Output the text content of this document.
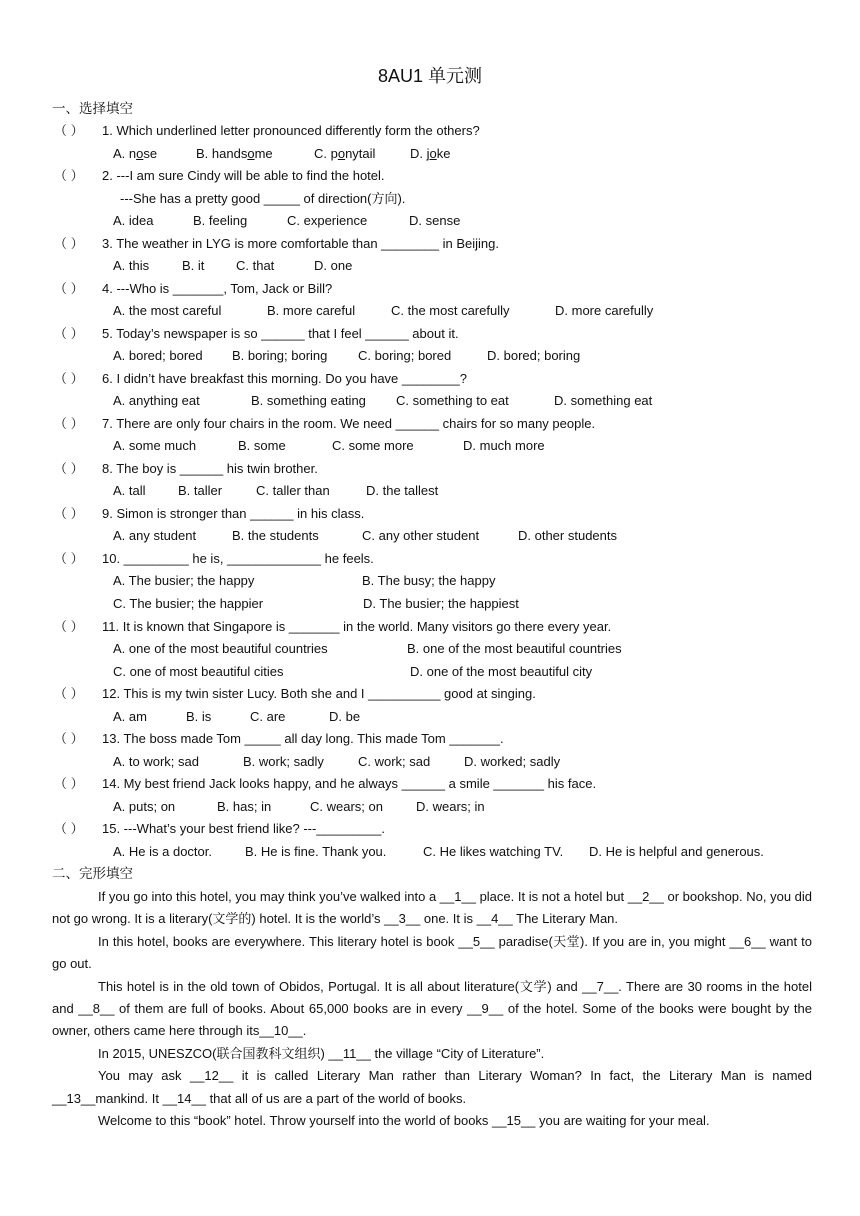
8AU1 单元测
一、选择填空
（ ） 1. Which underlined letter pronounced differently form the others?
A. nose	B. handsome	C. ponytail	D. joke
（ ） 2. ---I am sure Cindy will be able to find the hotel.
---She has a pretty good _____ of direction(方向).
A. idea	B. feeling	C. experience	D. sense
（ ） 3. The weather in LYG is more comfortable than ________ in Beijing.
A. this	B. it C. that	D. one
（ ） 4. ---Who is _______, Tom, Jack or Bill?
A. the most careful	B. more careful	C. the most carefully	D. more carefully
（ ） 5. Today’s newspaper is so ______ that I feel ______ about it.
A. bored; bored B. boring; boring C. boring; bored	D. bored; boring
（ ） 6. I didn’t have breakfast this morning. Do you have ________?
A. anything eat	B. something eating C. something to eat	D. something eat
（ ） 7. There are only four chairs in the room. We need ______ chairs for so many people.
A. some much	B. some	C. some more	D. much more
（ ） 8. The boy is ______ his twin brother.
A. tall B. taller	C. taller than	D. the tallest
（ ） 9. Simon is stronger than ______ in his class.
A. any student	B. the students	C. any other student	D. other students
（ ） 10. _________ he is, _____________ he feels.
A. The busier; the happy	B. The busy; the happy
C. The busier; the happier	D. The busier; the happiest
（ ） 11. It is known that Singapore is _______ in the world. Many visitors go there every year.
A. one of the most beautiful countries	B. one of the most beautiful countries
C. one of most beautiful cities	D. one of the most beautiful city
（ ） 12. This is my twin sister Lucy. Both she and I __________ good at singing.
A. am	B. is	C. are	D. be
（ ） 13. The boss made Tom _____ all day long. This made Tom _______.
A. to work; sad	B. work; sadly	C. work; sad	D. worked; sadly
（ ） 14. My best friend Jack looks happy, and he always ______ a smile _______ his face.
A. puts; on	B. has; in	C. wears; on	D. wears; in
（ ） 15. ---What’s your best friend like? ---_________.
A. He is a doctor.	B. He is fine. Thank you.	C. He likes watching TV. D. He is helpful and generous.
二、完形填空

If you go into this hotel, you may think you’ve walked into a __1__ place. It is not a hotel but __2__ or bookshop. No, you did not go wrong. It is a literary(文学的) hotel. It is the world’s __3__ one. It is __4__ The Literary Man.

In this hotel, books are everywhere. This literary hotel is book __5__ paradise(天堂). If you are in, you might __6__ want to go out.

This hotel is in the old town of Obidos, Portugal. It is all about literature(文学) and __7__. There are 30 rooms in the hotel and __8__ of them are full of books. About 65,000 books are in every __9__ of the hotel. Some of the books were bought by the owner, others came here through its__10__.

In 2015, UNESZCO(联合国教科文组织) __11__ the village “City of Literature”.

You may ask __12__ it is called Literary Man rather than Literary Woman? In fact, the Literary Man is named __13__mankind. It __14__ that all of us are a part of the world of books.

Welcome to this “book” hotel. Throw yourself into the world of books __15__ you are waiting for your meal.
